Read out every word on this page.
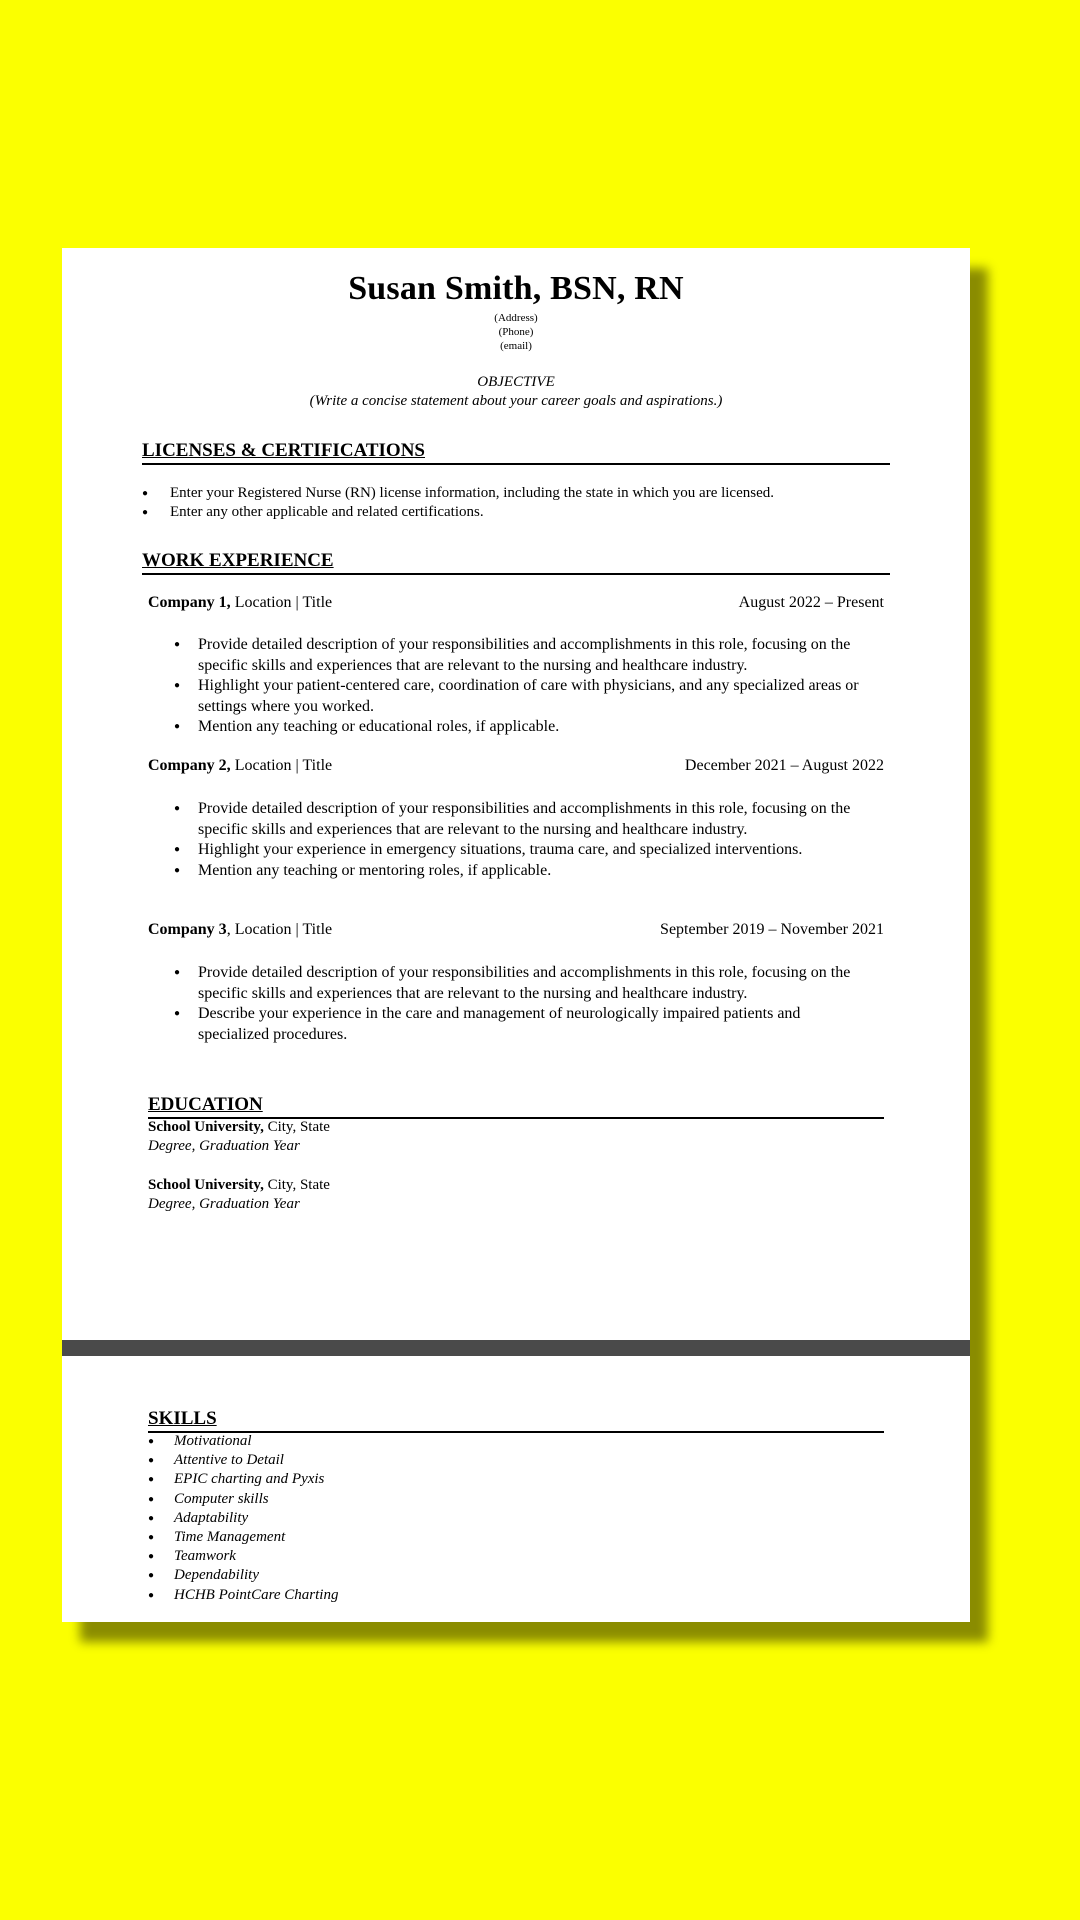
Susan Smith, BSN, RN
(Address)
(Phone)
(email)
OBJECTIVE
(Write a concise statement about your career goals and aspirations.)
LICENSES & CERTIFICATIONS
● Enter your Registered Nurse (RN) license information, including the state in which you are licensed.
● Enter any other applicable and related certifications.
WORK EXPERIENCE
Company 1, Location | Title	August 2022 – Present
● Provide detailed description of your responsibilities and accomplishments in this role, focusing on the specific skills and experiences that are relevant to the nursing and healthcare industry.
● Highlight your patient-centered care, coordination of care with physicians, and any specialized areas or settings where you worked.
● Mention any teaching or educational roles, if applicable.
Company 2, Location | Title	December 2021 – August 2022
● Provide detailed description of your responsibilities and accomplishments in this role, focusing on the specific skills and experiences that are relevant to the nursing and healthcare industry.
● Highlight your experience in emergency situations, trauma care, and specialized interventions.
● Mention any teaching or mentoring roles, if applicable.
Company 3, Location | Title	September 2019 – November 2021
● Provide detailed description of your responsibilities and accomplishments in this role, focusing on the specific skills and experiences that are relevant to the nursing and healthcare industry.
● Describe your experience in the care and management of neurologically impaired patients and specialized procedures.
EDUCATION
School University, City, State
Degree, Graduation Year
School University, City, State
Degree, Graduation Year
SKILLS
● Motivational
● Attentive to Detail
● EPIC charting and Pyxis
● Computer skills
● Adaptability
● Time Management
● Teamwork
● Dependability
● HCHB PointCare Charting
